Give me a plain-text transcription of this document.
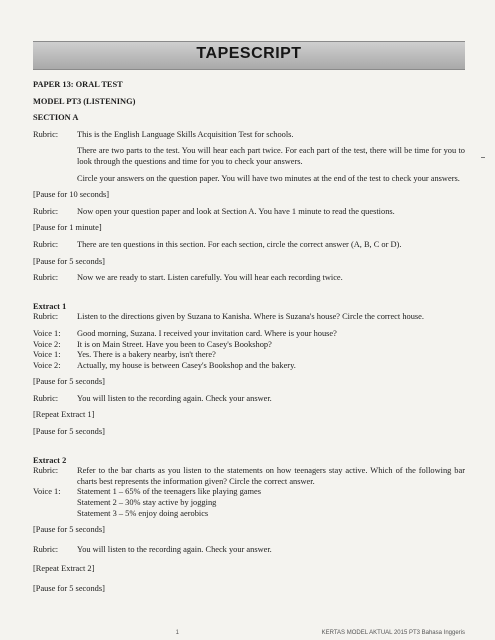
TAPESCRIPT
PAPER 13: ORAL TEST
MODEL PT3 (LISTENING)
SECTION A
Rubric:	This is the English Language Skills Acquisition Test for schools.
There are two parts to the test. You will hear each part twice. For each part of the test, there will be time for you to look through the questions and time for you to check your answers.
Circle your answers on the question paper. You will have two minutes at the end of the test to check your answers.
[Pause for 10 seconds]
Rubric:	Now open your question paper and look at Section A. You have 1 minute to read the questions.
[Pause for 1 minute]
Rubric:	There are ten questions in this section. For each section, circle the correct answer (A, B, C or D).
[Pause for 5 seconds]
Rubric:	Now we are ready to start. Listen carefully. You will hear each recording twice.
Extract 1
Rubric:	Listen to the directions given by Suzana to Kanisha. Where is Suzana's house? Circle the correct house.
Voice 1:	Good morning, Suzana. I received your invitation card. Where is your house?
Voice 2:	It is on Main Street. Have you been to Casey's Bookshop?
Voice 1:	Yes. There is a bakery nearby, isn't there?
Voice 2:	Actually, my house is between Casey's Bookshop and the bakery.
[Pause for 5 seconds]
Rubric:	You will listen to the recording again. Check your answer.
[Repeat Extract 1]
[Pause for 5 seconds]
Extract 2
Rubric:	Refer to the bar charts as you listen to the statements on how teenagers stay active. Which of the following bar charts best represents the information given? Circle the correct answer.
Voice 1:	Statement 1 – 65% of the teenagers like playing games
Statement 2 – 30% stay active by jogging
Statement 3 – 5% enjoy doing aerobics
[Pause for 5 seconds]
Rubric:	You will listen to the recording again. Check your answer.
[Repeat Extract 2]
[Pause for 5 seconds]
1	KERTAS MODEL AKTUAL 2015 PT3 Bahasa Inggeris
